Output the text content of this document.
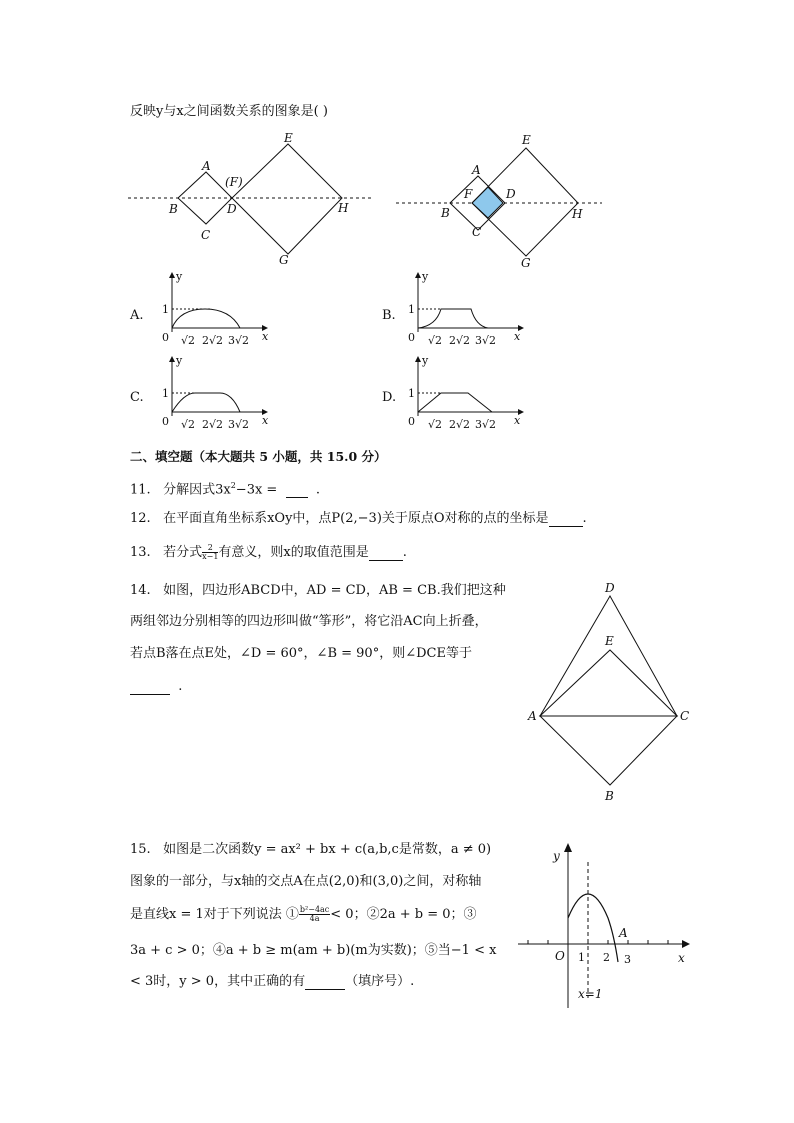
反映y与x之间函数关系的图象是( )
A
(F)
E
B	D	H
C
G
A
E
F	D
B	H
C
G
A.
y
1
0 √2 2√2 3√2 x
B.
y
1
0 √2 2√2 3√2 x
C.
y
1
0 √2 2√2 3√2 x
D.
y
1
0 √2 2√2 3√2 x
二、填空题（本大题共 5 小题，共 15.0 分）
11. 分解因式$3x^2-3x$ =	.
12. 在平面直角坐标系xOy中，点P(2,−3)关于原点O对称的点的坐标是	.
13. 若分式 $\frac{2}{x-1}$ 有意义，则x的取值范围是	.
14. 如图，四边形ABCD中，AD = CD，AB = CB.我们把这种
两组邻边分别相等的四边形叫做“筝形”，将它沿AC向上折叠，
若点B落在点E处，∠D = 60°，∠B = 90°，则∠DCE等于
.
D
E
A	C
B
15. 如图是二次函数y = ax² + bx + c(a,b,c是常数，a ≠ 0)
图象的一部分，与x轴的交点A在点(2,0)和(3,0)之间，对称轴
是直线x = 1对于下列说法 ① $\frac{\text{b²−4ac}}{4a} < 0$；②2a + b = 0；③
3a + c > 0；④a + b ≥ m(am + b)(m为实数)；⑤当−1 < x
< 3时，y > 0，其中正确的有	（填序号）.
y
O 1 2
A
3	x
x=1
